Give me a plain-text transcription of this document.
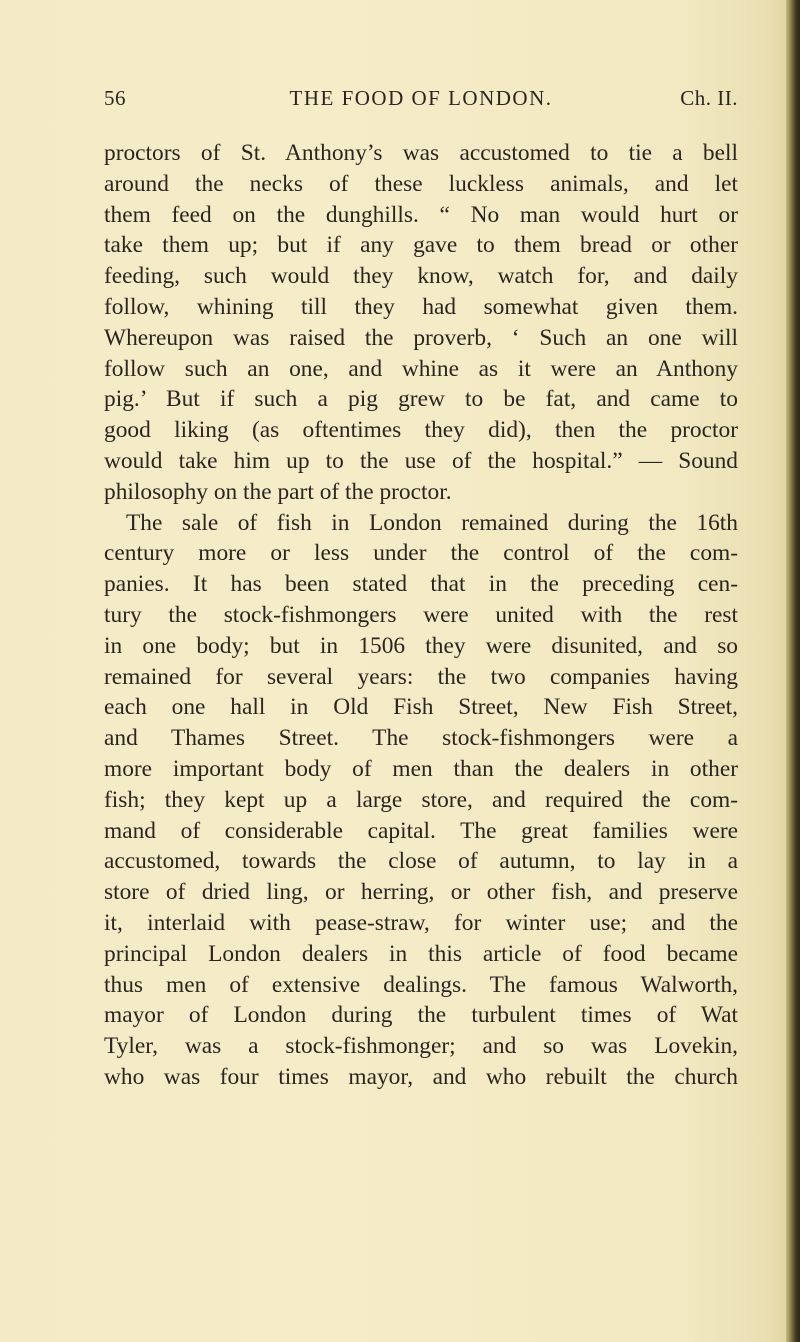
56	THE FOOD OF LONDON.	Ch. II.
proctors of St. Anthony’s was accustomed to tie a bell
around the necks of these luckless animals, and let
them feed on the dunghills. “ No man would hurt or
take them up; but if any gave to them bread or other
feeding, such would they know, watch for, and daily
follow, whining till they had somewhat given them.
Whereupon was raised the proverb, ‘ Such an one will
follow such an one, and whine as it were an Anthony
pig.’ But if such a pig grew to be fat, and came to
good liking (as oftentimes they did), then the proctor
would take him up to the use of the hospital.” — Sound
philosophy on the part of the proctor.
The sale of fish in London remained during the 16th
century more or less under the control of the com-
panies. It has been stated that in the preceding cen-
tury the stock-fishmongers were united with the rest
in one body; but in 1506 they were disunited, and so
remained for several years: the two companies having
each one hall in Old Fish Street, New Fish Street,
and Thames Street. The stock-fishmongers were a
more important body of men than the dealers in other
fish; they kept up a large store, and required the com-
mand of considerable capital. The great families were
accustomed, towards the close of autumn, to lay in a
store of dried ling, or herring, or other fish, and preserve
it, interlaid with pease-straw, for winter use; and the
principal London dealers in this article of food became
thus men of extensive dealings. The famous Walworth,
mayor of London during the turbulent times of Wat
Tyler, was a stock-fishmonger; and so was Lovekin,
who was four times mayor, and who rebuilt the church
